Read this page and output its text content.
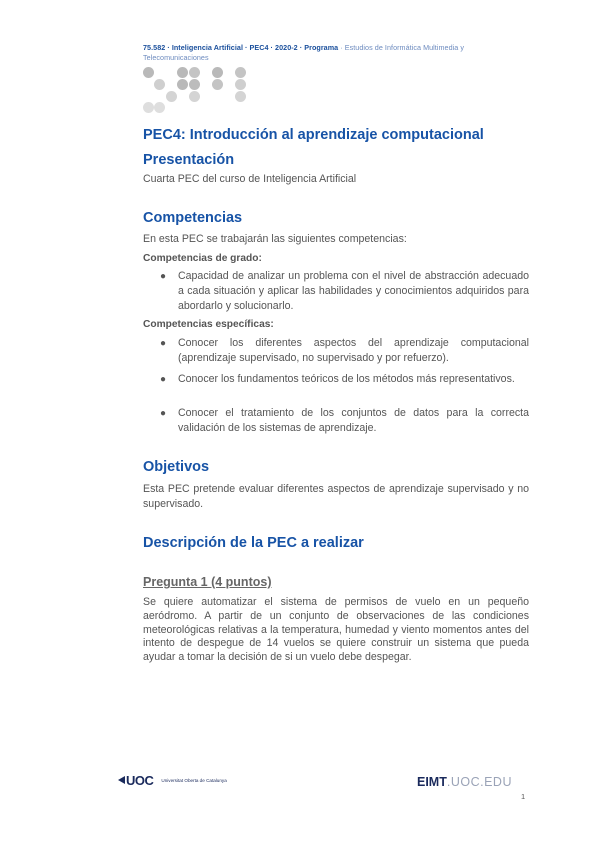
75.582 · Inteligencia Artificial · PEC4 · 2020-2 · Programa · Estudios de Informática Multimedia y
Telecomunicaciones
PEC4: Introducción al aprendizaje computacional
Presentación
Cuarta PEC del curso de Inteligencia Artificial
Competencias
En esta PEC se trabajarán las siguientes competencias:
Competencias de grado:
● Capacidad de analizar un problema con el nivel de abstracción adecuado a cada situación y aplicar las habilidades y conocimientos adquiridos para abordarlo y solucionarlo.
Competencias específicas:
● Conocer los diferentes aspectos del aprendizaje computacional (aprendizaje supervisado, no supervisado y por refuerzo).
● Conocer los fundamentos teóricos de los métodos más representativos.
● Conocer el tratamiento de los conjuntos de datos para la correcta validación de los sistemas de aprendizaje.
Objetivos
Esta PEC pretende evaluar diferentes aspectos de aprendizaje supervisado y no supervisado.
Descripción de la PEC a realizar
Pregunta 1 (4 puntos)
Se quiere automatizar el sistema de permisos de vuelo en un pequeño aeródromo. A partir de un conjunto de observaciones de las condiciones meteorológicas relativas a la temperatura, humedad y viento momentos antes del intento de despegue de 14 vuelos se quiere construir un sistema que pueda ayudar a tomar la decisión de si un vuelo debe despegar.
UOC Universitat Oberta de Catalunya	EIMT.UOC.EDU
1
